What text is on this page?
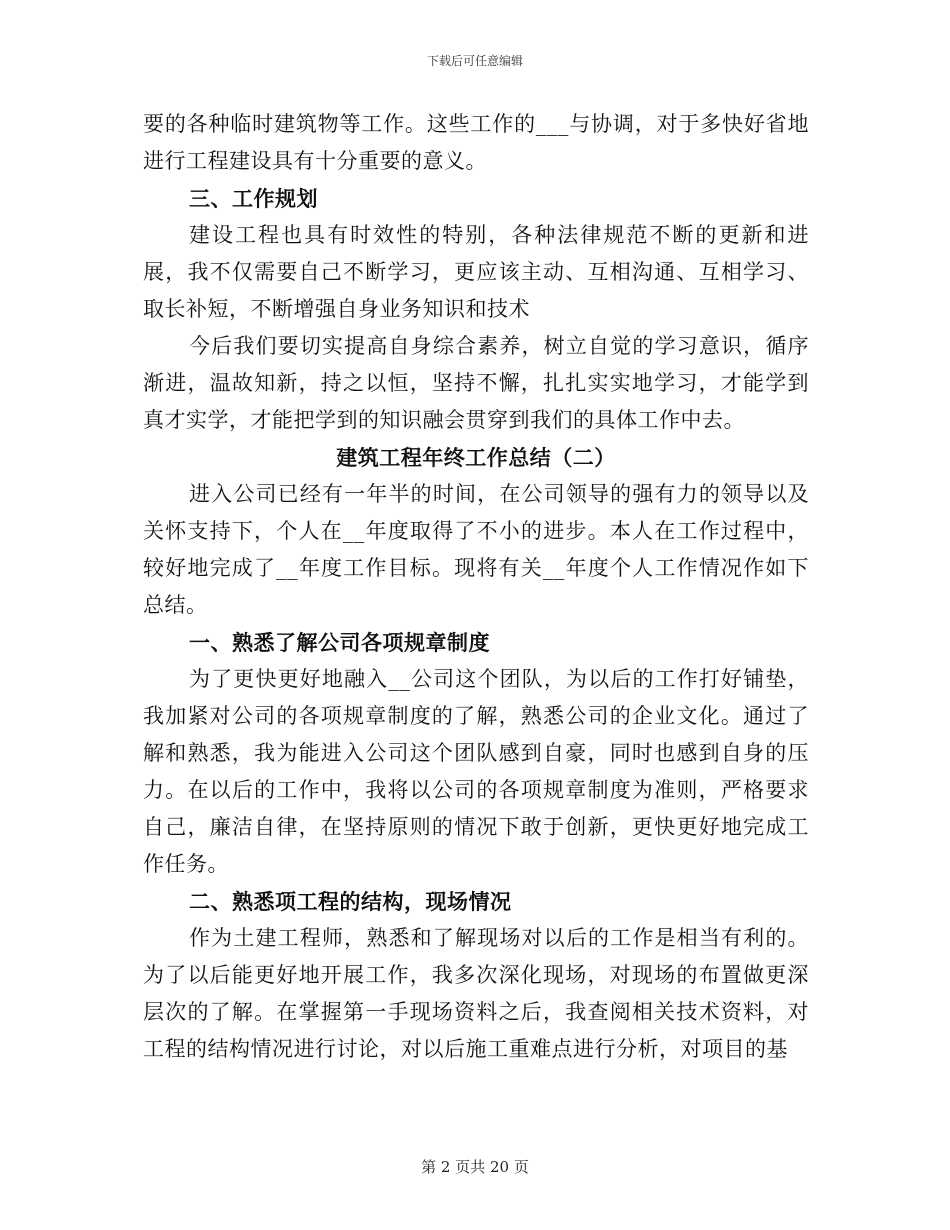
下载后可任意编辑

要的各种临时建筑物等工作。这些工作的___与协调，对于多快好省地进行工程建设具有十分重要的意义。

三、工作规划

建设工程也具有时效性的特别，各种法律规范不断的更新和进展，我不仅需要自己不断学习，更应该主动、互相沟通、互相学习、取长补短，不断增强自身业务知识和技术

今后我们要切实提高自身综合素养，树立自觉的学习意识，循序渐进，温故知新，持之以恒，坚持不懈，扎扎实实地学习，才能学到真才实学，才能把学到的知识融会贯穿到我们的具体工作中去。

建筑工程年终工作总结（二）

进入公司已经有一年半的时间，在公司领导的强有力的领导以及关怀支持下，个人在__年度取得了不小的进步。本人在工作过程中，较好地完成了__年度工作目标。现将有关__年度个人工作情况作如下总结。

一、熟悉了解公司各项规章制度

为了更快更好地融入__公司这个团队，为以后的工作打好铺垫，我加紧对公司的各项规章制度的了解，熟悉公司的企业文化。通过了解和熟悉，我为能进入公司这个团队感到自豪，同时也感到自身的压力。在以后的工作中，我将以公司的各项规章制度为准则，严格要求自己，廉洁自律，在坚持原则的情况下敢于创新，更快更好地完成工作任务。

二、熟悉项工程的结构，现场情况

作为土建工程师，熟悉和了解现场对以后的工作是相当有利的。为了以后能更好地开展工作，我多次深化现场，对现场的布置做更深层次的了解。在掌握第一手现场资料之后，我查阅相关技术资料，对工程的结构情况进行讨论，对以后施工重难点进行分析，对项目的基

第 2 页共 20 页
